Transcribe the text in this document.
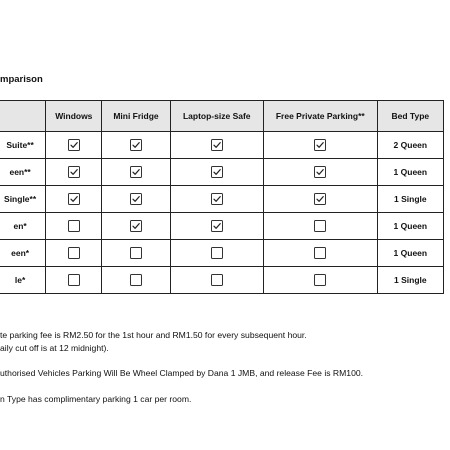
mparison
	Windows	Mini Fridge	Laptop-size Safe	Free Private Parking**	Bed Type
Suite**					2 Queen
een**					1 Queen
Single**					1 Single
en*					1 Queen
een*					1 Queen
le*					1 Single

te parking fee is RM2.50 for the 1st hour and RM1.50 for every subsequent hour.

aily cut off is at 12 midnight).

uthorised Vehicles Parking Will Be Wheel Clamped by Dana 1 JMB, and release Fee is RM100.

n Type has complimentary parking 1 car per room.
